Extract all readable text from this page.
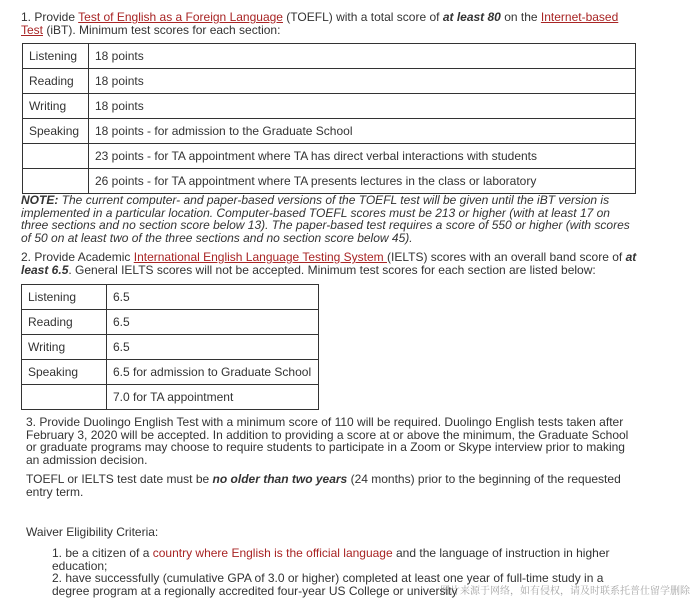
1. Provide Test of English as a Foreign Language (TOEFL) with a total score of at least 80 on the Internet-based Test (iBT). Minimum test scores for each section:

Listening	18 points
Reading	18 points
Writing	18 points
Speaking	18 points - for admission to the Graduate School
	23 points - for TA appointment where TA has direct verbal interactions with students
	26 points - for TA appointment where TA presents lectures in the class or laboratory

NOTE: The current computer- and paper-based versions of the TOEFL test will be given until the iBT version is implemented in a particular location. Computer-based TOEFL scores must be 213 or higher (with at least 17 on three sections and no section score below 13). The paper-based test requires a score of 550 or higher (with scores of 50 on at least two of the three sections and no section score below 45).

2. Provide Academic International English Language Testing System (IELTS) scores with an overall band score of at least 6.5. General IELTS scores will not be accepted. Minimum test scores for each section are listed below:

Listening	6.5
Reading	6.5
Writing	6.5
Speaking	6.5 for admission to Graduate School
	7.0 for TA appointment

3. Provide Duolingo English Test with a minimum score of 110 will be required. Duolingo English tests taken after February 3, 2020 will be accepted. In addition to providing a score at or above the minimum, the Graduate School or graduate programs may choose to require students to participate in a Zoom or Skype interview prior to making an admission decision.

TOEFL or IELTS test date must be no older than two years (24 months) prior to the beginning of the requested entry term.

Waiver Eligibility Criteria:

1. be a citizen of a country where English is the official language and the language of instruction in higher education;

2. have successfully (cumulative GPA of 3.0 or higher) completed at least one year of full-time study in a degree program at a regionally accredited four-year US College or university

图片来源于网络，如有侵权，请及时联系托普仕留学删除
